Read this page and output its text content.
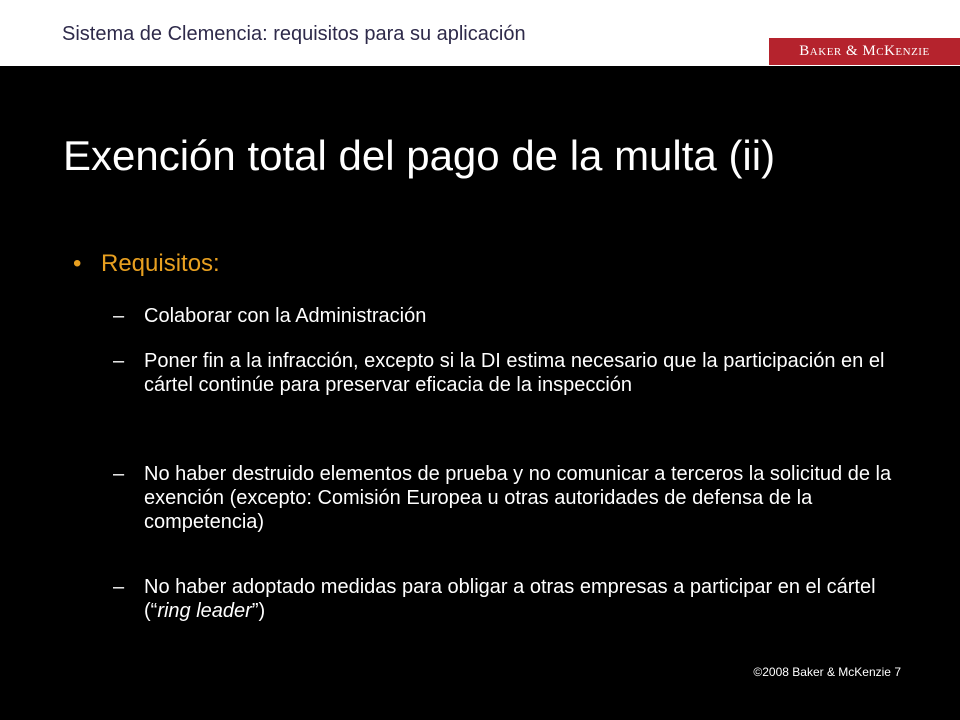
Sistema de Clemencia: requisitos para su aplicación
Baker & McKenzie
Exención total del pago de la multa (ii)
• Requisitos:
– Colaborar con la Administración
– Poner fin a la infracción, excepto si la DI estima necesario que la participación en el cártel continúe para preservar eficacia de la inspección
– No haber destruido elementos de prueba y no comunicar a terceros la solicitud de la exención (excepto: Comisión Europea u otras autoridades de defensa de la competencia)
– No haber adoptado medidas para obligar a otras empresas a participar en el cártel (“ring leader”)
©2008 Baker & McKenzie 7
